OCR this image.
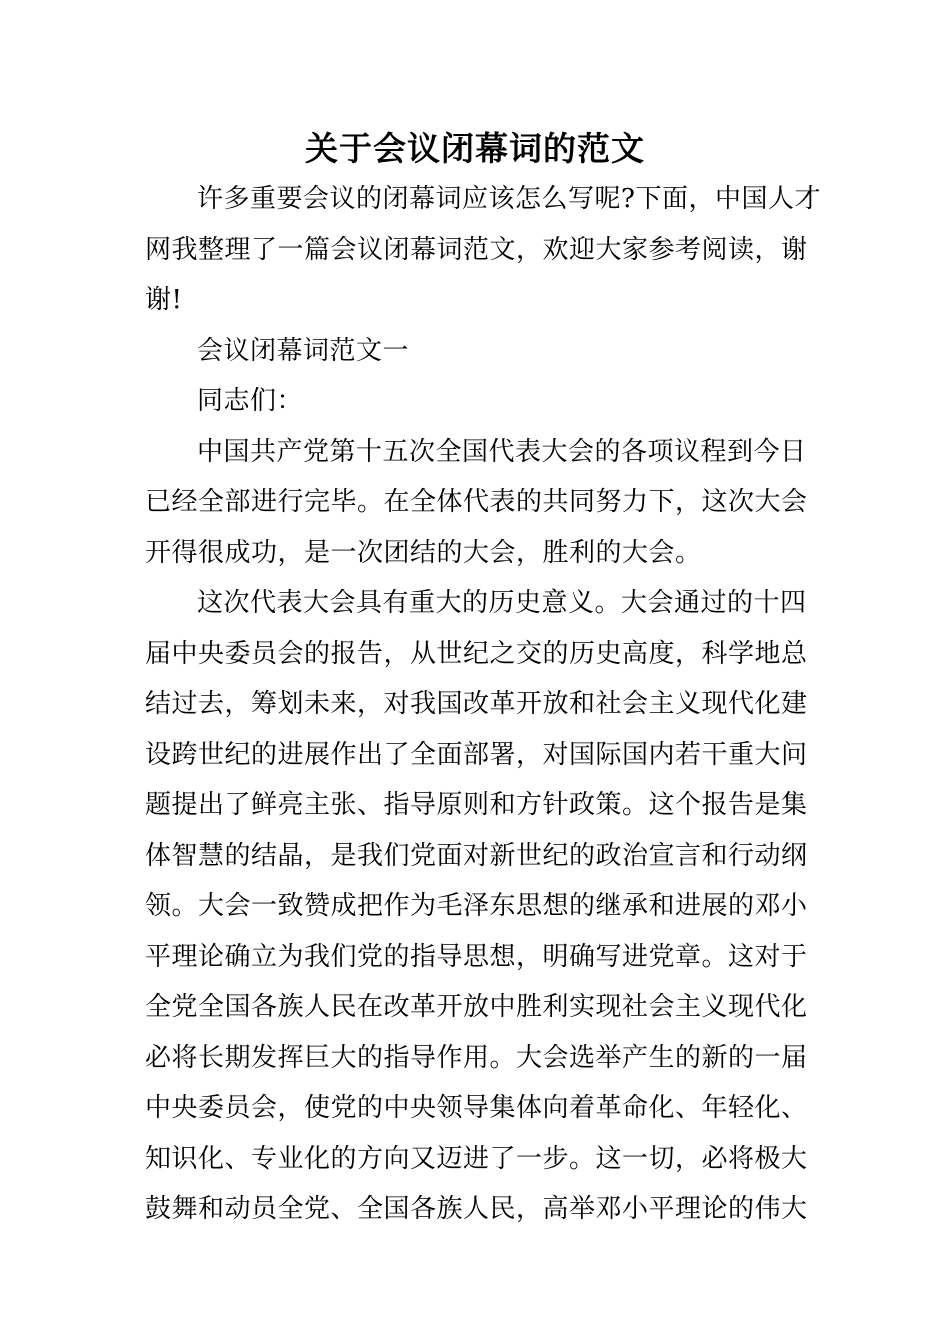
关于会议闭幕词的范文

许多重要会议的闭幕词应该怎么写呢?下面，中国人才
网我整理了一篇会议闭幕词范文，欢迎大家参考阅读，谢
谢!

会议闭幕词范文一

同志们：

中国共产党第十五次全国代表大会的各项议程到今日
已经全部进行完毕。在全体代表的共同努力下，这次大会
开得很成功，是一次团结的大会，胜利的大会。

这次代表大会具有重大的历史意义。大会通过的十四
届中央委员会的报告，从世纪之交的历史高度，科学地总
结过去，筹划未来，对我国改革开放和社会主义现代化建
设跨世纪的进展作出了全面部署，对国际国内若干重大问
题提出了鲜亮主张、指导原则和方针政策。这个报告是集
体智慧的结晶，是我们党面对新世纪的政治宣言和行动纲
领。大会一致赞成把作为毛泽东思想的继承和进展的邓小
平理论确立为我们党的指导思想，明确写进党章。这对于
全党全国各族人民在改革开放中胜利实现社会主义现代化
必将长期发挥巨大的指导作用。大会选举产生的新的一届
中央委员会，使党的中央领导集体向着革命化、年轻化、
知识化、专业化的方向又迈进了一步。这一切，必将极大
鼓舞和动员全党、全国各族人民，高举邓小平理论的伟大
